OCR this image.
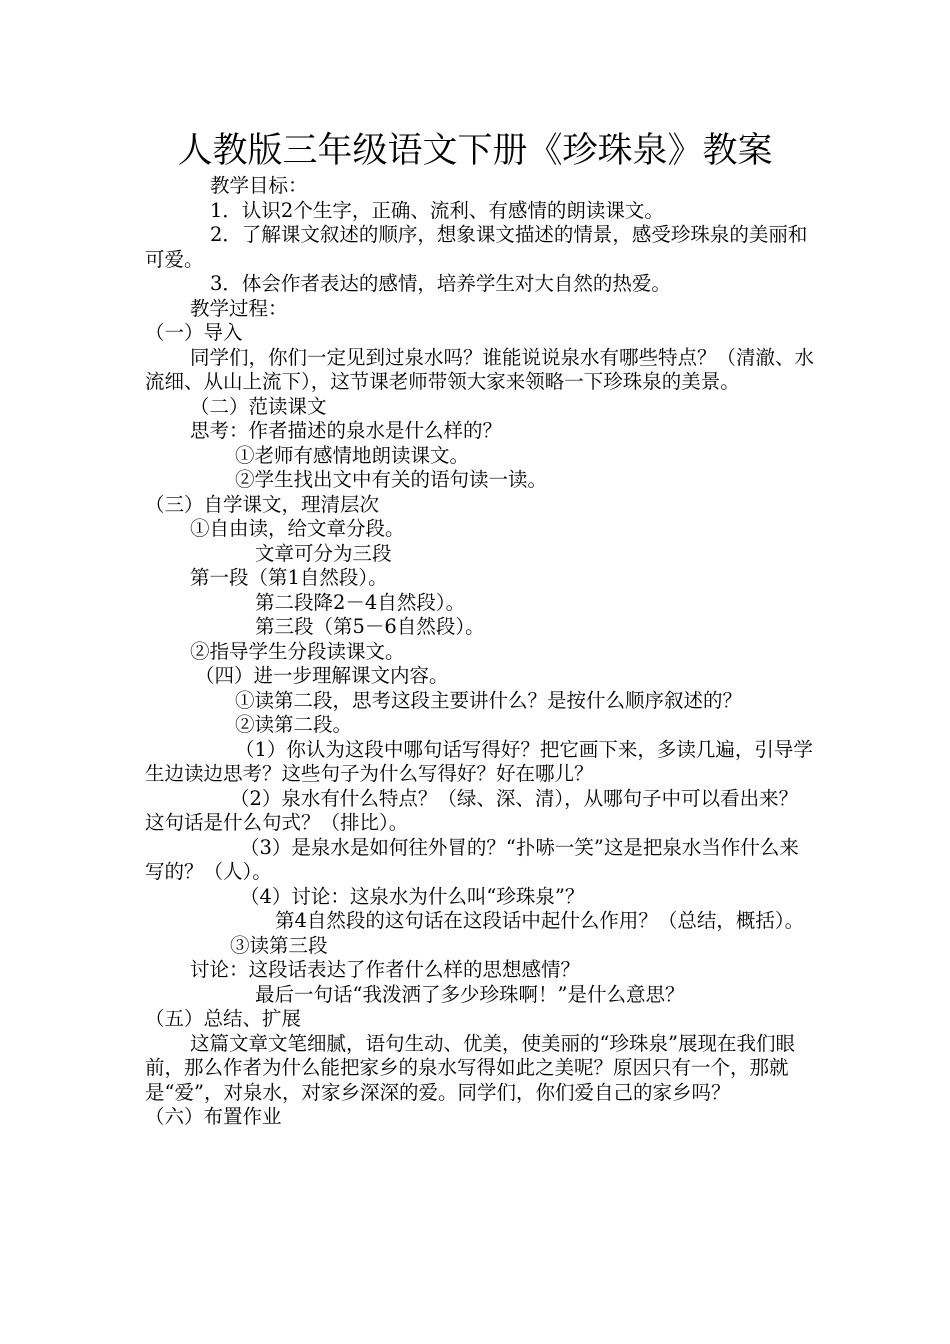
人教版三年级语文下册《珍珠泉》教案
教学目标：
1．认识2个生字，正确、流利、有感情的朗读课文。
2．了解课文叙述的顺序，想象课文描述的情景，感受珍珠泉的美丽和可爱。
3．体会作者表达的感情，培养学生对大自然的热爱。
教学过程：
（一）导入
同学们，你们一定见到过泉水吗？谁能说说泉水有哪些特点？（清澈、水流细、从山上流下），这节课老师带领大家来领略一下珍珠泉的美景。
（二）范读课文
思考：作者描述的泉水是什么样的？
①老师有感情地朗读课文。
②学生找出文中有关的语句读一读。
（三）自学课文，理清层次
①自由读，给文章分段。
文章可分为三段
第一段（第1自然段）。
第二段降2－4自然段）。
第三段（第5－6自然段）。
②指导学生分段读课文。
（四）进一步理解课文内容。
①读第二段，思考这段主要讲什么？是按什么顺序叙述的？
②读第二段。
（1）你认为这段中哪句话写得好？把它画下来，多读几遍，引导学生边读边思考？这些句子为什么写得好？好在哪儿？
（2）泉水有什么特点？（绿、深、清），从哪句子中可以看出来？这句话是什么句式？（排比）。
（3）是泉水是如何往外冒的？“扑哧一笑”这是把泉水当作什么来写的？（人）。
（4）讨论：这泉水为什么叫“珍珠泉”？
第4自然段的这句话在这段话中起什么作用？（总结，概括）。
③读第三段
讨论：这段话表达了作者什么样的思想感情？
最后一句话“我泼洒了多少珍珠啊！”是什么意思？
（五）总结、扩展
这篇文章文笔细腻，语句生动、优美，使美丽的“珍珠泉”展现在我们眼前，那么作者为什么能把家乡的泉水写得如此之美呢？原因只有一个，那就是“爱”，对泉水，对家乡深深的爱。同学们，你们爱自己的家乡吗？
（六）布置作业
